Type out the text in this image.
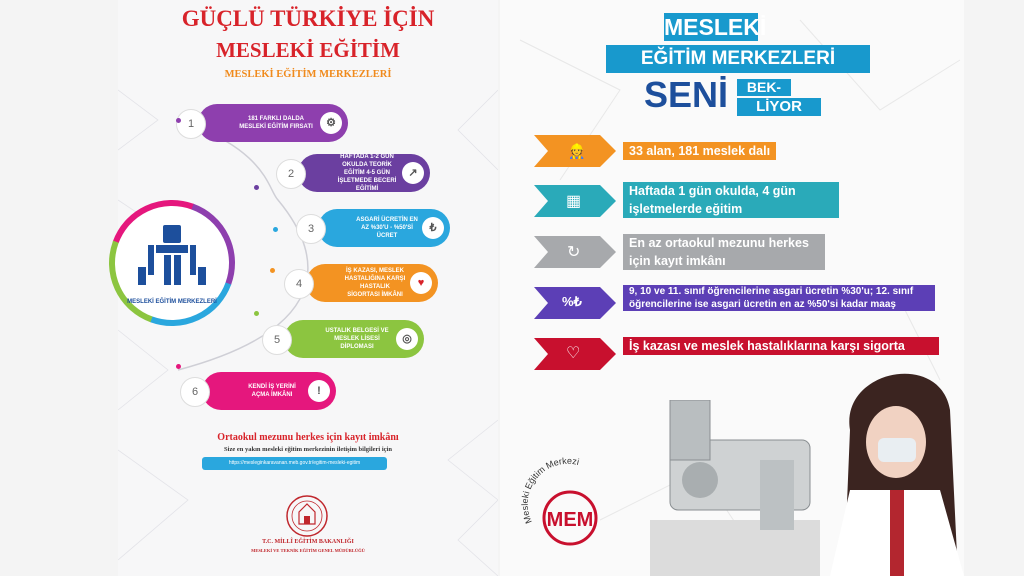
GÜÇLÜ TÜRKİYE İÇİN
MESLEKİ EĞİTİM
MESLEKİ EĞİTİM MERKEZLERİ
MESLEKİ EĞİTİM MERKEZLERİ
1	181 FARKLI DALDA MESLEKİ EĞİTİM FIRSATI	⚙
2
HAFTADA 1-2 GÜN OKULDA TEORİK EĞİTİM 4-5 GÜN İŞLETMEDE BECERİ EĞİTİMİ
↗
3
ASGARİ ÜCRETİN EN AZ %30'U - %50'Sİ ÜCRET
₺
4
İŞ KAZASI, MESLEK HASTALIĞINA KARŞI HASTALIK SİGORTASI İMKÂNI
♥
5
USTALIK BELGESİ VE MESLEK LİSESİ DİPLOMASI
◎
6	KENDİ İŞ YERİNİ AÇMA İMKÂNI	!
Ortaokul mezunu herkes için kayıt imkânı
Size en yakın mesleki eğitim merkezinin iletişim bilgileri için
https://mesleginkaravanan.meb.gov.tr/egitim-mesleki-egitim
T.C. MİLLÎ EĞİTİM BAKANLIĞI
MESLEKİ VE TEKNİK EĞİTİM GENEL MÜDÜRLÜĞÜ
MESLEKİ
EĞİTİM MERKEZLERİ
SENİ	BEK-
LİYOR
👷	33 alan, 181 meslek dalı
▦
Haftada 1 gün okulda, 4 gün işletmelerde eğitim
↻
En az ortaokul mezunu herkes için kayıt imkânı
%₺
9, 10 ve 11. sınıf öğrencilerine asgari ücretin %30'u; 12. sınıf öğrencilerine ise asgari ücretin en az %50'si kadar maaş
♡	İş kazası ve meslek hastalıklarına karşı sigorta
Mesleki Eğitim Merkezi
MEM
